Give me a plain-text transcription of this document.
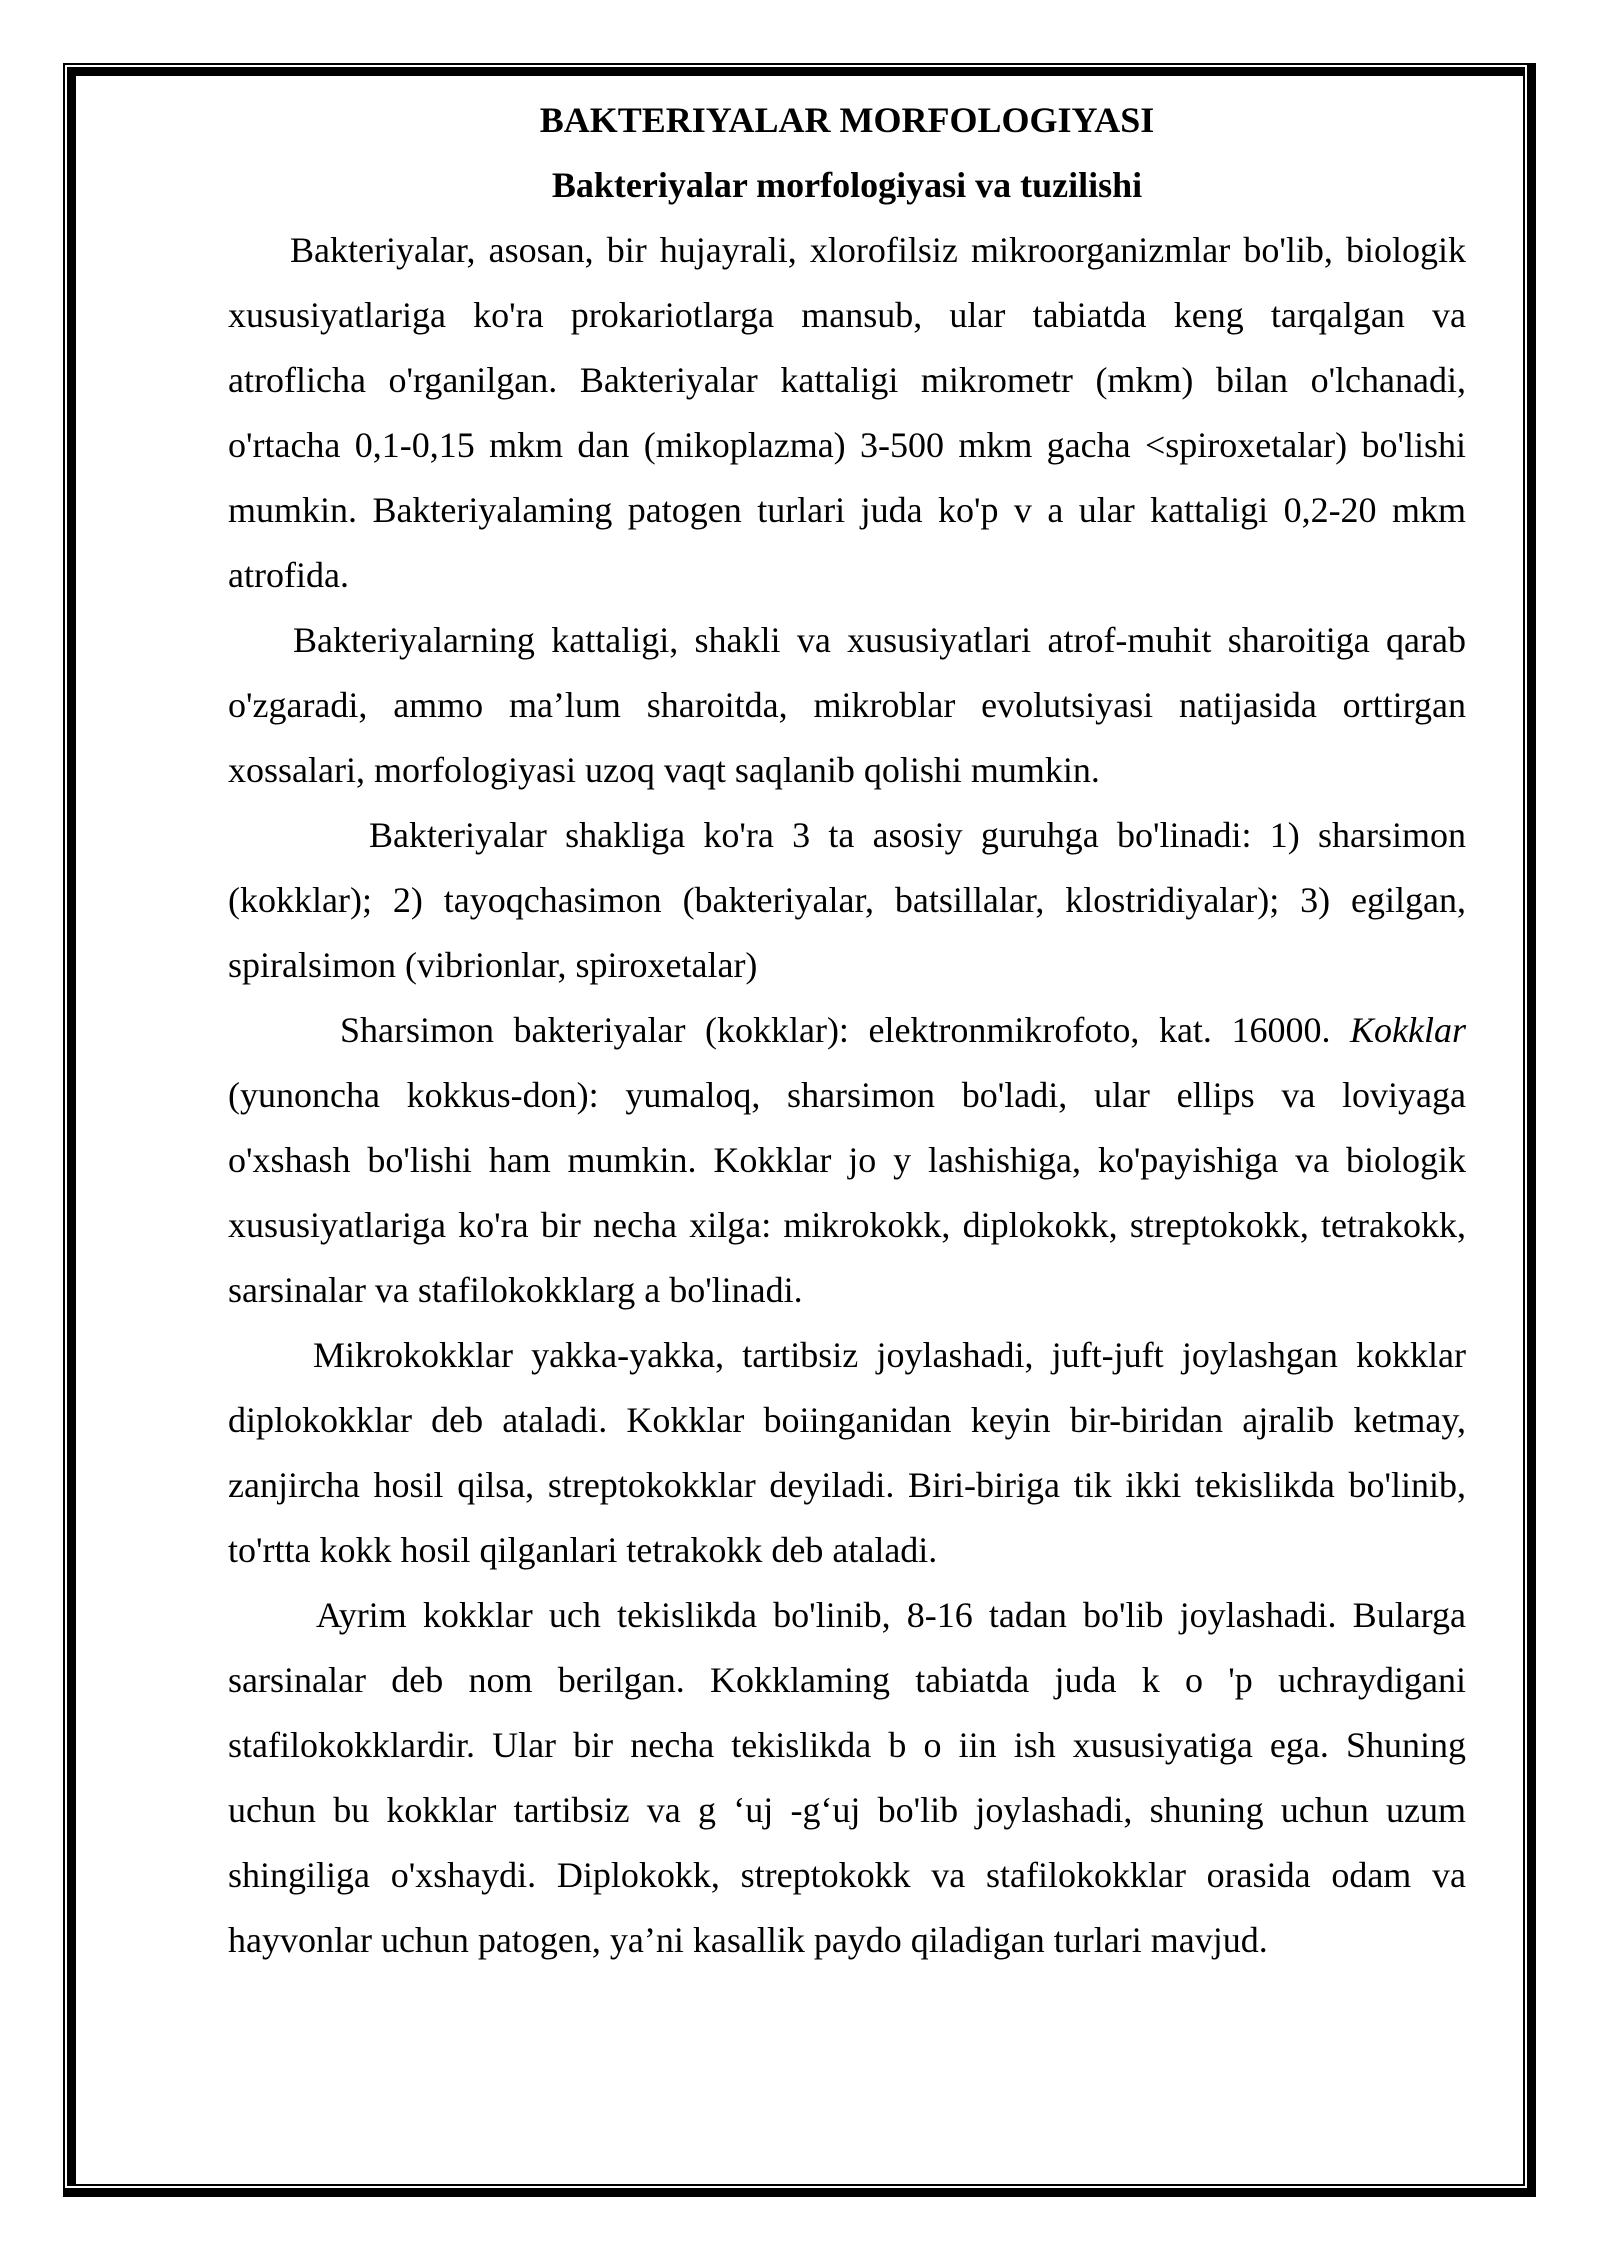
BAKTERIYALAR MORFOLOGIYASI
Bakteriyalar morfologiyasi va tuzilishi
Bakteriyalar, asosan, bir hujayrali, xlorofilsiz mikroorganizmlar bo'lib, biologik
xususiyatlariga ko'ra prokariotlarga mansub, ular tabiatda keng tarqalgan va
atroflicha o'rganilgan. Bakteriyalar kattaligi mikrometr (mkm) bilan o'lchanadi,
o'rtacha 0,1-0,15 mkm dan (mikoplazma) 3-500 mkm gacha <spiroxetalar) bo'lishi
mumkin. Bakteriyalaming patogen turlari juda ko'p v a ular kattaligi 0,2-20 mkm
atrofida.
Bakteriyalarning kattaligi, shakli va xususiyatlari atrof-muhit sharoitiga qarab
o'zgaradi, ammo ma’lum sharoitda, mikroblar evolutsiyasi natijasida orttirgan
xossalari, morfologiyasi uzoq vaqt saqlanib qolishi mumkin.
Bakteriyalar shakliga ko'ra 3 ta asosiy guruhga bo'linadi: 1) sharsimon
(kokklar); 2) tayoqchasimon (bakteriyalar, batsillalar, klostridiyalar); 3) egilgan,
spiralsimon (vibrionlar, spiroxetalar)
Sharsimon bakteriyalar (kokklar): elektronmikrofoto, kat. 16000. Kokklar
(yunoncha kokkus-don): yumaloq, sharsimon bo'ladi, ular ellips va loviyaga
o'xshash bo'lishi ham mumkin. Kokklar jo y lashishiga, ko'payishiga va biologik
xususiyatlariga ko'ra bir necha xilga: mikrokokk, diplokokk, streptokokk, tetrakokk,
sarsinalar va stafilokokklarg a bo'linadi.
Mikrokokklar yakka-yakka, tartibsiz joylashadi, juft-juft joylashgan kokklar
diplokokklar deb ataladi. Kokklar boiinganidan keyin bir-biridan ajralib ketmay,
zanjircha hosil qilsa, streptokokklar deyiladi. Biri-biriga tik ikki tekislikda bo'linib,
to'rtta kokk hosil qilganlari tetrakokk deb ataladi.
Ayrim kokklar uch tekislikda bo'linib, 8-16 tadan bo'lib joylashadi. Bularga
sarsinalar deb nom berilgan. Kokklaming tabiatda juda k o 'p uchraydigani
stafilokokklardir. Ular bir necha tekislikda b o iin ish xususiyatiga ega. Shuning
uchun bu kokklar tartibsiz va g ‘uj -g‘uj bo'lib joylashadi, shuning uchun uzum
shingiliga o'xshaydi. Diplokokk, streptokokk va stafilokokklar orasida odam va
hayvonlar uchun patogen, ya’ni kasallik paydo qiladigan turlari mavjud.
